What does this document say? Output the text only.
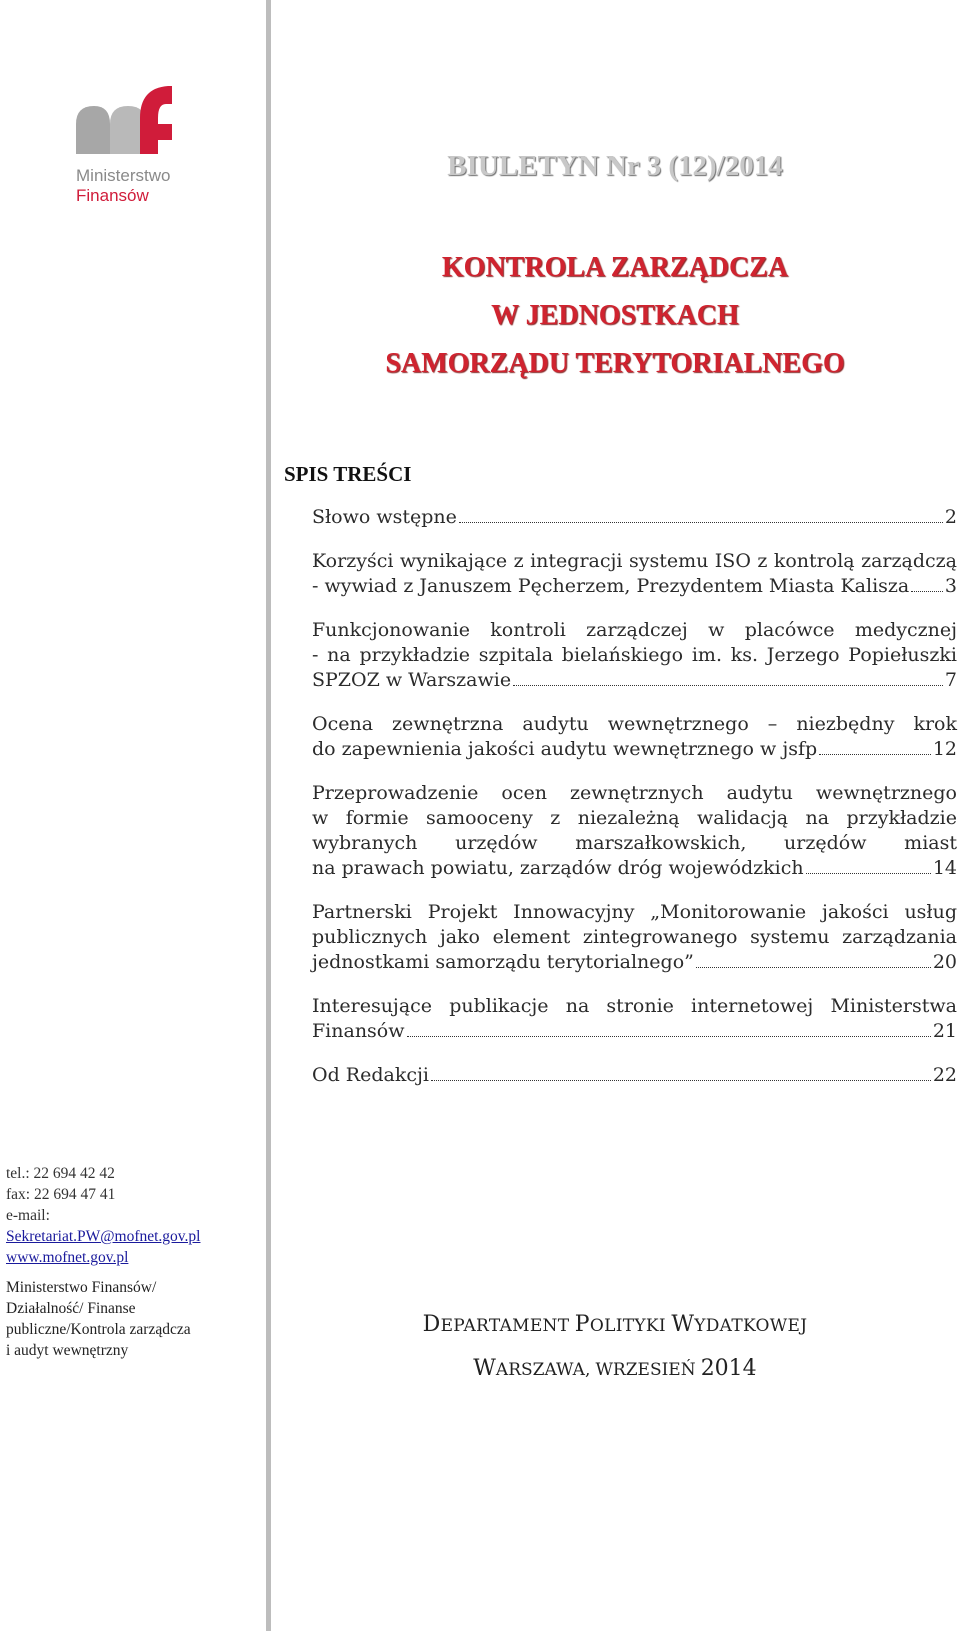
Ministerstwo
Finansów
BIULETYN Nr 3 (12)/2014
KONTROLA ZARZĄDCZA
W JEDNOSTKACH
SAMORZĄDU TERYTORIALNEGO
SPIS TREŚCI
Słowo wstępne	2
Korzyści wynikające z integracji systemu ISO z kontrolą zarządczą
- wywiad z Januszem Pęcherzem, Prezydentem Miasta Kalisza 3
Funkcjonowanie kontroli zarządczej w placówce medycznej
- na przykładzie szpitala bielańskiego im. ks. Jerzego Popiełuszki
SPZOZ w Warszawie	7
Ocena zewnętrzna audytu wewnętrznego – niezbędny krok
do zapewnienia jakości audytu wewnętrznego w jsfp	12
Przeprowadzenie ocen zewnętrznych audytu wewnętrznego
w formie samooceny z niezależną walidacją na przykładzie
wybranych urzędów marszałkowskich, urzędów miast
na prawach powiatu, zarządów dróg wojewódzkich	14
Partnerski Projekt Innowacyjny „Monitorowanie jakości usług
publicznych jako element zintegrowanego systemu zarządzania
jednostkami samorządu terytorialnego”	20
Interesujące publikacje na stronie internetowej Ministerstwa
Finansów	21
Od Redakcji	22
tel.: 22 694 42 42
fax: 22 694 47 41
e-mail:
Sekretariat.PW@mofnet.gov.pl
www.mofnet.gov.pl
Ministerstwo Finansów/
Działalność/ Finanse
publiczne/Kontrola zarządcza
i audyt wewnętrzny
DEPARTAMENT POLITYKI WYDATKOWEJ
WARSZAWA, WRZESIEŃ 2014
